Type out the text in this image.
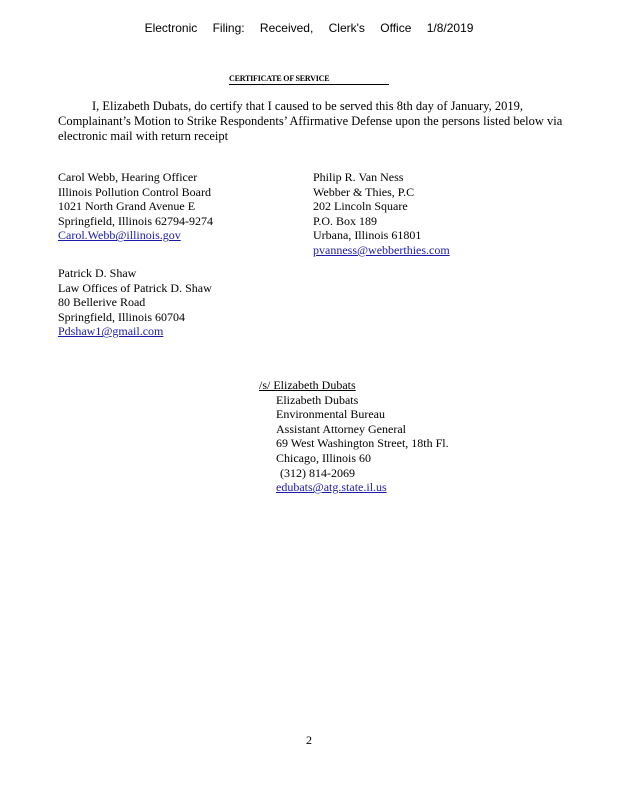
Electronic Filing: Received, Clerk's Office 1/8/2019
CERTIFICATE OF SERVICE

I, Elizabeth Dubats, do certify that I caused to be served this 8th day of January, 2019, Complainant’s Motion to Strike Respondents’ Affirmative Defense upon the persons listed below via electronic mail with return receipt

Carol Webb, Hearing Officer
Illinois Pollution Control Board
1021 North Grand Avenue E
Springfield, Illinois 62794-9274
Carol.Webb@illinois.gov
Philip R. Van Ness
Webber & Thies, P.C
202 Lincoln Square
P.O. Box 189
Urbana, Illinois 61801
pvanness@webberthies.com
Patrick D. Shaw
Law Offices of Patrick D. Shaw
80 Bellerive Road
Springfield, Illinois 60704
Pdshaw1@gmail.com
/s/ Elizabeth Dubats
Elizabeth Dubats
Environmental Bureau
Assistant Attorney General
69 West Washington Street, 18th Fl.
Chicago, Illinois 60
(312) 814-2069
edubats@atg.state.il.us
2
